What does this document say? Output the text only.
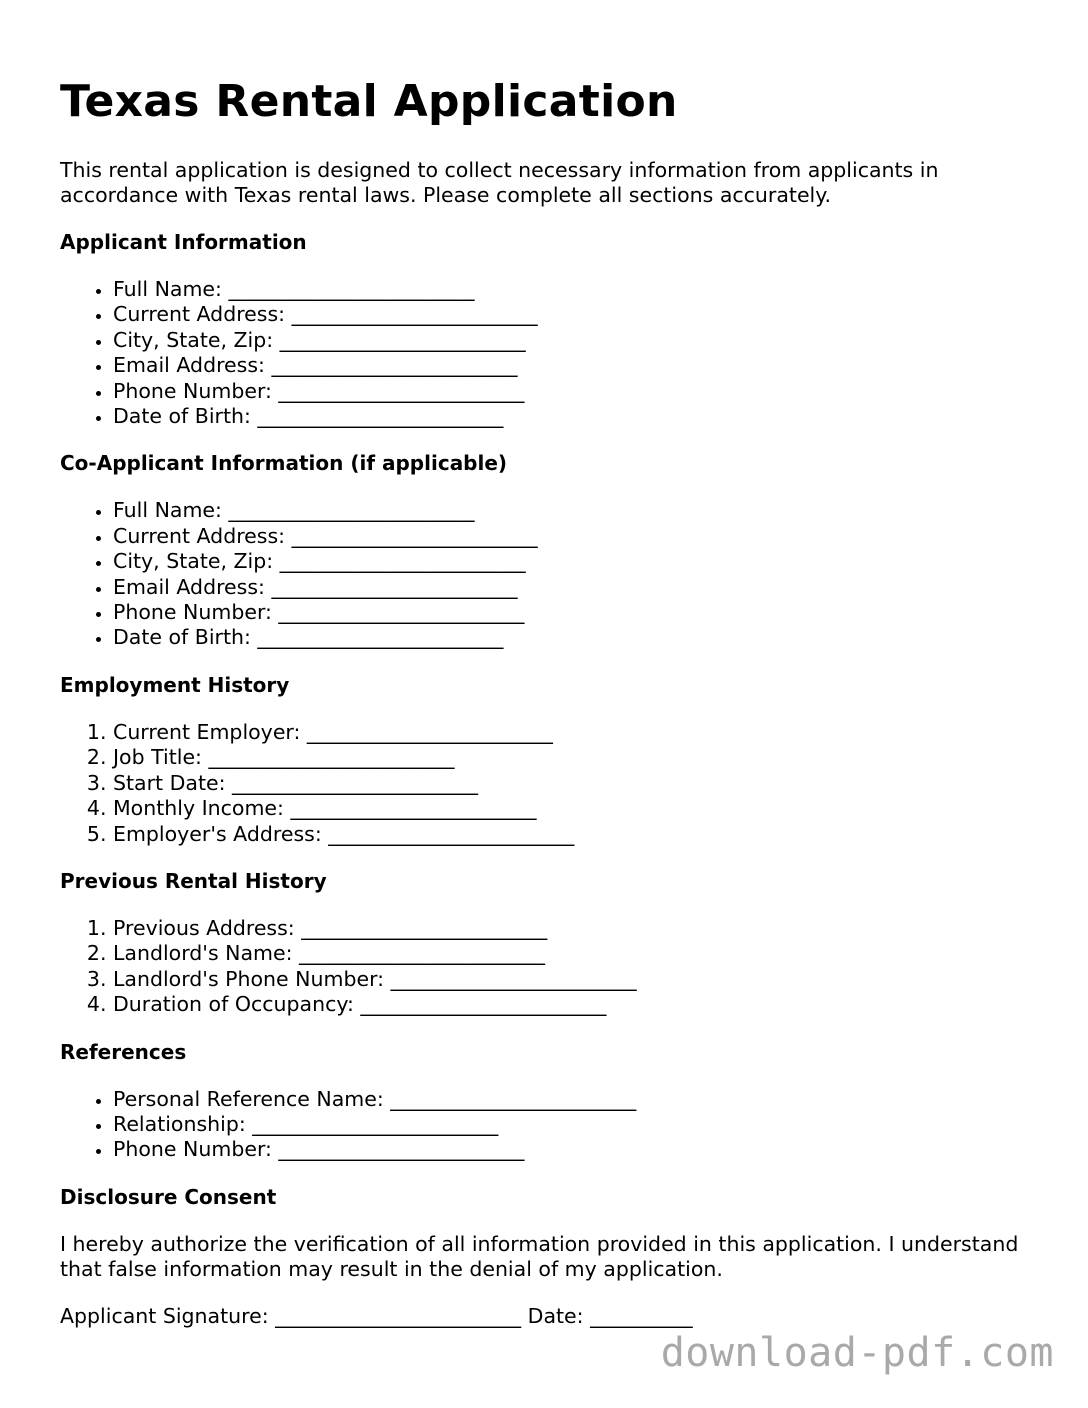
Texas Rental Application

This rental application is designed to collect necessary information from applicants in accordance with Texas rental laws. Please complete all sections accurately.

Applicant Information
• Full Name: ________________________
• Current Address: ________________________
• City, State, Zip: ________________________
• Email Address: ________________________
• Phone Number: ________________________
• Date of Birth: ________________________
Co-Applicant Information (if applicable)
• Full Name: ________________________
• Current Address: ________________________
• City, State, Zip: ________________________
• Email Address: ________________________
• Phone Number: ________________________
• Date of Birth: ________________________
Employment History
1. Current Employer: ________________________
2. Job Title: ________________________
3. Start Date: ________________________
4. Monthly Income: ________________________
5. Employer's Address: ________________________
Previous Rental History
1. Previous Address: ________________________
2. Landlord's Name: ________________________
3. Landlord's Phone Number: ________________________
4. Duration of Occupancy: ________________________
References
• Personal Reference Name: ________________________
• Relationship: ________________________
• Phone Number: ________________________
Disclosure Consent

I hereby authorize the verification of all information provided in this application. I understand that false information may result in the denial of my application.

Applicant Signature: ________________________ Date: __________

download-pdf.com
